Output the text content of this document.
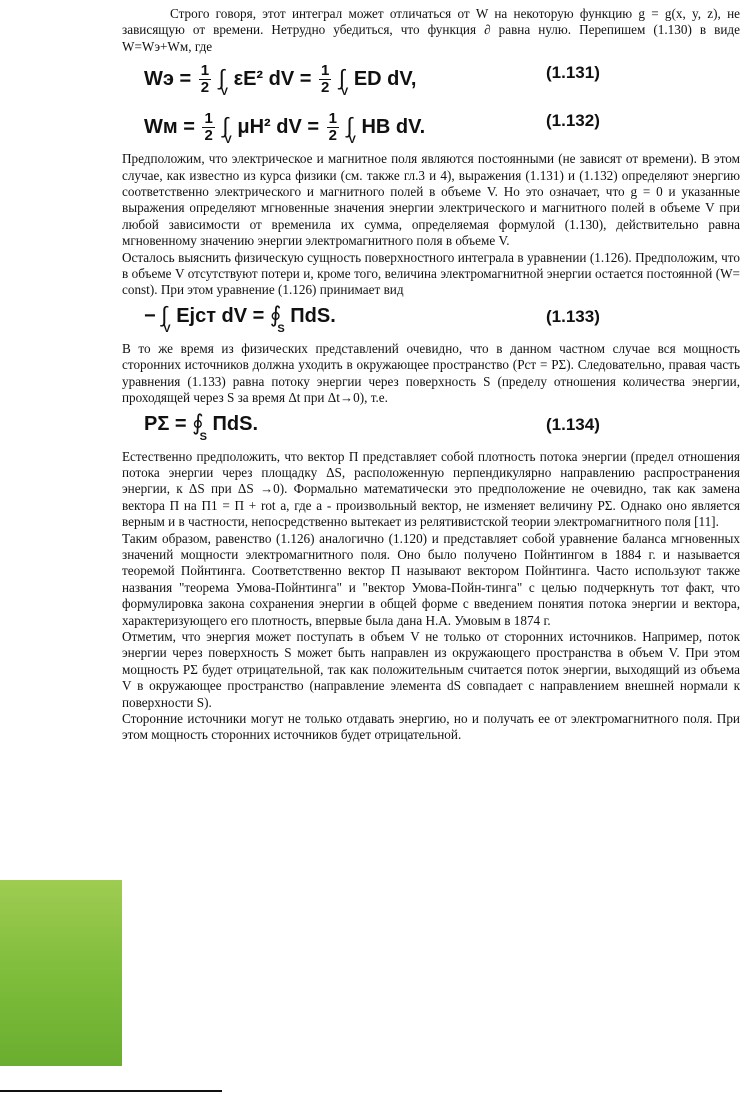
Строго говоря, этот интеграл может отличаться от W на некоторую функцию g = g(x, y, z), не зависящую от времени. Нетрудно убедиться, что функция ∂ равна нулю. Перепишем (1.130) в виде W=Wэ+Wм, где

Wэ = $\frac{1}{2} \int_V$ εE² dV = $\frac{1}{2} \int_V$ ED dV,	(1.131)
Wм = $\frac{1}{2} \int_V$ μH² dV = $\frac{1}{2} \int_V$ HB dV.	(1.132)

Предположим, что электрическое и магнитное поля являются постоянными (не зависят от времени). В этом случае, как известно из курса физики (см. также гл.3 и 4), выражения (1.131) и (1.132) определяют энергию соответственно электрического и магнитного полей в объеме V. Но это означает, что g = 0 и указанные выражения определяют мгновенные значения энергии электрического и магнитного полей в объеме V при любой зависимости от временила их сумма, определяемая формулой (1.130), действительно равна мгновенному значению энергии электромагнитного поля в объеме V.

Осталось выяснить физическую сущность поверхностного интеграла в уравнении (1.126). Предположим, что в объеме V отсутствуют потери и, кроме того, величина электромагнитной энергии остается постоянной (W= const). При этом уравнение (1.126) принимает вид

− $\int_V$ Ejст dV = $∮_S$ ПdS.	(1.133)

В то же время из физических представлений очевидно, что в данном частном случае вся мощность сторонних источников должна уходить в окружающее пространство (Pст = PΣ). Следовательно, правая часть уравнения (1.133) равна потоку энергии через поверхность S (пределу отношения количества энергии, проходящей через S за время Δt при Δt→0), т.е.

$P\Sigma = ∮_S$ ПdS.	(1.134)

Естественно предположить, что вектор П представляет собой плотность потока энергии (предел отношения потока энергии через площадку ΔS, расположенную перпендикулярно направлению распространения энергии, к ΔS при ΔS →0). Формально математически это предположение не очевидно, так как замена вектора П на П1 = П + rot a, где a - произвольный вектор, не изменяет величину PΣ. Однако оно является верным и в частности, непосредственно вытекает из релятивистской теории электромагнитного поля [11].

Таким образом, равенство (1.126) аналогично (1.120) и представляет собой уравнение баланса мгновенных значений мощности электромагнитного поля. Оно было получено Пойнтингом в 1884 г. и называется теоремой Пойнтинга. Соответственно вектор П называют вектором Пойнтинга. Часто используют также названия "теорема Умова-Пойнтинга" и "вектор Умова-Пойн-тинга" с целью подчеркнуть тот факт, что формулировка закона сохранения энергии в общей форме с введением понятия потока энергии и вектора, характеризующего его плотность, впервые была дана Н.А. Умовым в 1874 г.

Отметим, что энергия может поступать в объем V не только от сторонних источников. Например, поток энергии через поверхность S может быть направлен из окружающего пространства в объем V. При этом мощность PΣ будет отрицательной, так как положительным считается поток энергии, выходящий из объема V в окружающее пространство (направление элемента dS совпадает с направлением внешней нормали к поверхности S).

Сторонние источники могут не только отдавать энергию, но и получать ее от электромагнитного поля. При этом мощность сторонних источников будет отрицательной.
